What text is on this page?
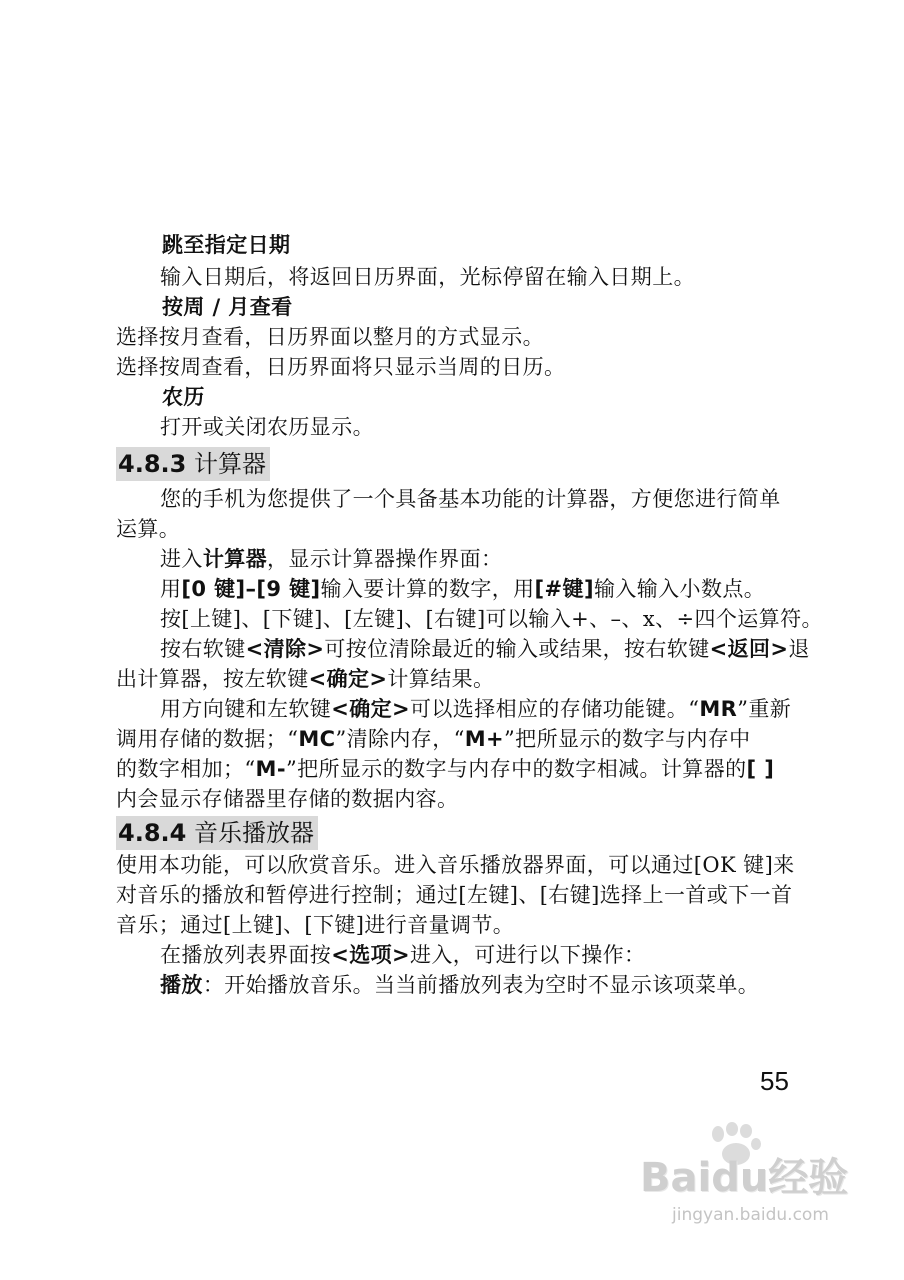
跳至指定日期
输入日期后，将返回日历界面，光标停留在输入日期上。
按周 / 月查看
选择按月查看，日历界面以整月的方式显示。
选择按周查看，日历界面将只显示当周的日历。
农历
打开或关闭农历显示。
4.8.3 计算器
您的手机为您提供了一个具备基本功能的计算器，方便您进行简单
运算。
进入计算器，显示计算器操作界面：
用[0 键]–[9 键]输入要计算的数字，用[#键]输入输入小数点。
按[上键]、[下键]、[左键]、[右键]可以输入+、–、x、÷四个运算符。
按右软键<清除>可按位清除最近的输入或结果，按右软键<返回>退
出计算器，按左软键<确定>计算结果。
用方向键和左软键<确定>可以选择相应的存储功能键。“MR”重新
调用存储的数据；“MC”清除内存，“M+”把所显示的数字与内存中
的数字相加；“M-”把所显示的数字与内存中的数字相减。计算器的[ ]
内会显示存储器里存储的数据内容。
4.8.4 音乐播放器
使用本功能，可以欣赏音乐。进入音乐播放器界面，可以通过[OK 键]来
对音乐的播放和暂停进行控制；通过[左键]、[右键]选择上一首或下一首
音乐；通过[上键]、[下键]进行音量调节。
在播放列表界面按<选项>进入，可进行以下操作：
播放：开始播放音乐。当当前播放列表为空时不显示该项菜单。
55
Baidu经验
jingyan.baidu.com
